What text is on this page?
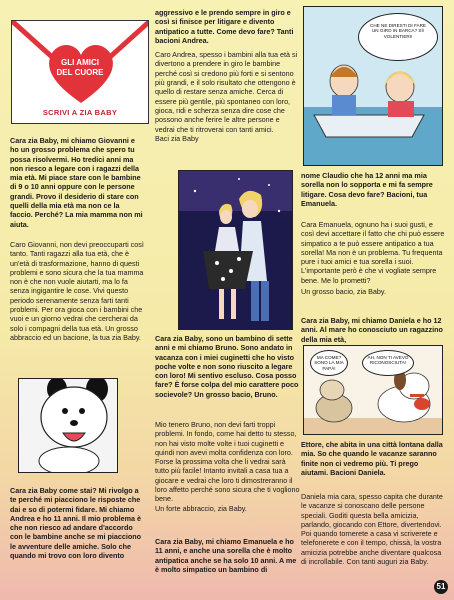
GLI AMICI
DEL CUORE
SCRIVI A ZIA BABY

Cara zia Baby, mi chiamo Giovanni e ho un grosso problema che spero tu possa risolvermi. Ho tredici anni ma non riesco a legare con i ragazzi della mia età. Mi piace stare con le bambine di 9 o 10 anni oppure con le persone grandi. Provo il desiderio di stare con quelli della mia età ma non ce la faccio. Perché? La mia mamma non mi aiuta.

Caro Giovanni, non devi preoccuparti così tanto. Tanti ragazzi alla tua età, che è un'età di trasformazione, hanno di questi problemi e sono sicura che la tua mamma non è che non vuole aiutarti, ma lo fa senza ingigantire le cose. Vivi questo periodo serenamente senza farti tanti problemi. Per ora gioca con i bambini che vuoi e un giorno vedrai che cercherai da solo i compagni della tua età. Un grosso abbraccio ed un bacione, la tua zia Baby.

Cara zia Baby come stai? Mi rivolgo a te perché mi piacciono le risposte che dai e so di potermi fidare. Mi chiamo Andrea e ho 11 anni. Il mio problema è che non riesco ad andare d'accordo con le bambine anche se mi piacciono le avventure delle amiche. Solo che quando mi trovo con loro divento

aggressivo e le prendo sempre in giro e così si finisce per litigare e divento antipatico a tutte. Come devo fare? Tanti bacioni Andrea.

Caro Andrea, spesso i bambini alla tua età si divertono a prendere in giro le bambine perché così si credono più forti e si sentono più grandi, e il solo risultato che ottengono è quello di restare senza amiche. Cerca di essere più gentile, più spontaneo con loro, gioca, ridi e scherza senza dire cose che possono anche ferire le altre persone e vedrai che ti ritroverai con tanti amici.

Baci zia Baby

Cara zia Baby, sono un bambino di sette anni e mi chiamo Bruno. Sono andato in vacanza con i miei cuginetti che ho visto poche volte e non sono riuscito a legare con loro! Mi sentivo escluso. Cosa posso fare? È forse colpa del mio carattere poco socievole? Un grosso bacio, Bruno.

Mio tenero Bruno, non devi farti troppi problemi. In fondo, come hai detto tu stesso, non hai visto molte volte i tuoi cuginetti e quindi non avevi molta confidenza con loro. Forse la prossima volta che li vedrai sarà tutto più facile! Intanto invitali a casa tua a giocare e vedrai che loro ti dimostreranno il loro affetto perché sono sicura che ti vogliono bene.

Un forte abbraccio, zia Baby.

Cara zia Baby, mi chiamo Emanuela e ho 11 anni, e anche una sorella che è molto antipatica anche se ha solo 10 anni. A me è molto simpatico un bambino di

CHE NE DIRESTI DI FARE UN GIRO IN BARCA? SÌ! VOLENTIERI!

nome Claudio che ha 12 anni ma mia sorella non lo sopporta e mi fa sempre litigare. Cosa devo fare? Bacioni, tua Emanuela.

Cara Emanuela, ognuno ha i suoi gusti, e così devi accettare il fatto che chi può essere simpatico a te può essere antipatico a tua sorella! Ma non è un problema. Tu frequenta pure i tuoi amici e tua sorella i suoi. L'importante però è che vi vogliate sempre bene. Me lo prometti?

Un grosso bacio, zia Baby.

Cara zia Baby, mi chiamo Daniela e ho 12 anni. Al mare ho conosciuto un ragazzino della mia età,

MA COME? SONO LA MIA PAPÀ!
AH, NON TI AVEVO RICONOSCIUTA!

Ettore, che abita in una città lontana dalla mia. So che quando le vacanze saranno finite non ci vedremo più. Ti prego aiutami. Bacioni Daniela.

Daniela mia cara, spesso capita che durante le vacanze si conoscano delle persone speciali. Goditi questa bella amicizia, parlando, giocando con Ettore, divertendovi. Poi quando tornerete a casa vi scriverete e telefonerete e con il tempo, chissà, la vostra amicizia potrebbe anche diventare qualcosa di incrollabile. Con tanti auguri zia Baby.

51
